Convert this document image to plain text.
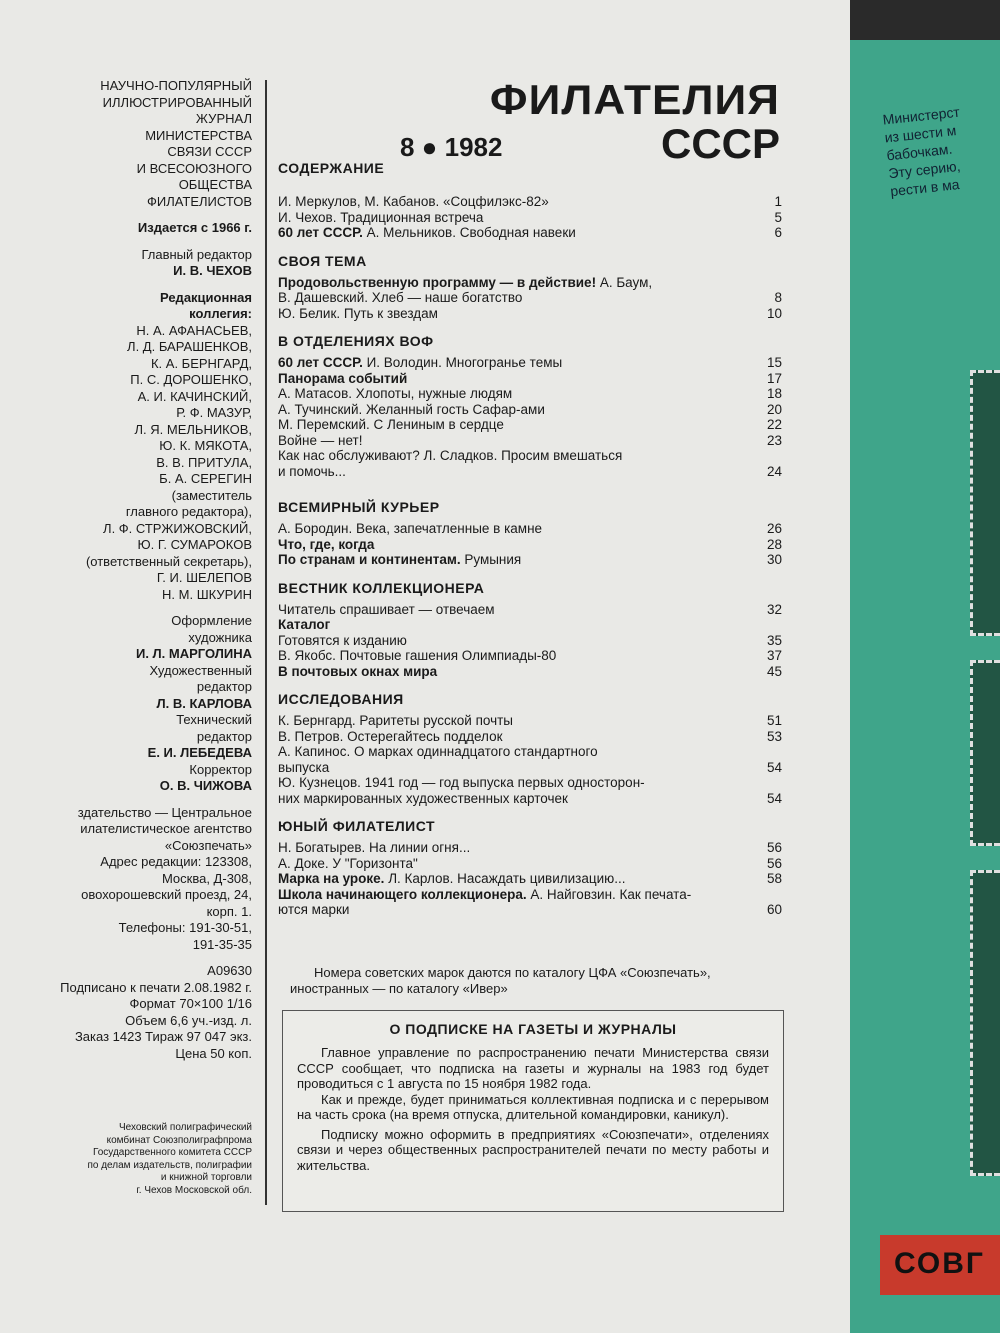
НАУЧНО-ПОПУЛЯРНЫЙ
ИЛЛЮСТРИРОВАННЫЙ
ЖУРНАЛ
МИНИСТЕРСТВА
СВЯЗИ СССР
И ВСЕСОЮЗНОГО
ОБЩЕСТВА
ФИЛАТЕЛИСТОВ
Издается с 1966 г.
Главный редактор
И. В. ЧЕХОВ
Редакционная
коллегия:
Н. А. АФАНАСЬЕВ,
Л. Д. БАРАШЕНКОВ,
К. А. БЕРНГАРД,
П. С. ДОРОШЕНКО,
А. И. КАЧИНСКИЙ,
Р. Ф. МАЗУР,
Л. Я. МЕЛЬНИКОВ,
Ю. К. МЯКОТА,
В. В. ПРИТУЛА,
Б. А. СЕРЕГИН
(заместитель
главного редактора),
Л. Ф. СТРЖИЖОВСКИЙ,
Ю. Г. СУМАРОКОВ
(ответственный секретарь),
Г. И. ШЕЛЕПОВ
Н. М. ШКУРИН
Оформление
художника
И. Л. МАРГОЛИНА
Художественный
редактор
Л. В. КАРЛОВА
Технический
редактор
Е. И. ЛЕБЕДЕВА
Корректор
О. В. ЧИЖОВА
здательство — Центральное
илателистическое агентство
«Союзпечать»
Адрес редакции: 123308,
Москва, Д-308,
овохорошевский проезд, 24,
корп. 1.
Телефоны: 191-30-51,
191-35-35
А09630
Подписано к печати 2.08.1982 г.
Формат 70×100 1/16
Объем 6,6 уч.-изд. л.
Заказ 1423 Тираж 97 047 экз.
Цена 50 коп.
Чеховский полиграфический
комбинат Союзполиграфпрома
Государственного комитета СССР
по делам издательств, полиграфии
и книжной торговли
г. Чехов Московской обл.
ФИЛАТЕЛИЯ
8 ● 1982	СССР
СОДЕРЖАНИЕ
И. Меркулов, М. Кабанов. «Соцфилэкс-82»	1
И. Чехов. Традиционная встреча	5
60 лет СССР. А. Мельников. Свободная навеки	6
СВОЯ ТЕМА
Продовольственную программу — в действие! А. Баум,
В. Дашевский. Хлеб — наше богатство	8
Ю. Белик. Путь к звездам	10
В ОТДЕЛЕНИЯХ ВОФ
60 лет СССР. И. Володин. Многогранье темы	15
Панорама событий	17
А. Матасов. Хлопоты, нужные людям	18
А. Тучинский. Желанный гость Сафар-ами	20
М. Перемский. С Лениным в сердце	22
Войне — нет!	23
Как нас обслуживают? Л. Сладков. Просим вмешаться
и помочь...	24
ВСЕМИРНЫЙ КУРЬЕР
А. Бородин. Века, запечатленные в камне	26
Что, где, когда	28
По странам и континентам. Румыния	30
ВЕСТНИК КОЛЛЕКЦИОНЕРА
Читатель спрашивает — отвечаем	32
Каталог
Готовятся к изданию	35
В. Якобс. Почтовые гашения Олимпиады-80	37
В почтовых окнах мира	45
ИССЛЕДОВАНИЯ
К. Бернгард. Раритеты русской почты	51
В. Петров. Остерегайтесь подделок	53
А. Капинос. О марках одиннадцатого стандартного
выпуска	54
Ю. Кузнецов. 1941 год — год выпуска первых односторон-
них маркированных художественных карточек	54
ЮНЫЙ ФИЛАТЕЛИСТ
Н. Богатырев. На линии огня...	56
А. Доке. У "Горизонта"	56
Марка на уроке. Л. Карлов. Насаждать цивилизацию...	58
Школа начинающего коллекционера. А. Найговзин. Как печата-
ются марки	60
Номера советских марок даются по каталогу ЦФА «Союзпечать», иностранных — по каталогу «Ивер»
О ПОДПИСКЕ НА ГАЗЕТЫ И ЖУРНАЛЫ

Главное управление по распространению печати Министерства связи СССР сообщает, что подписка на газеты и журналы на 1983 год будет проводиться с 1 августа по 15 ноября 1982 года.

Как и прежде, будет приниматься коллективная подписка и с перерывом на часть срока (на время отпуска, длительной командировки, каникул).

Подписку можно оформить в предприятиях «Союзпечати», отделениях связи и через общественных распространителей печати по месту работы и жительства.

Министерст
из шести м
бабочкам.
Эту серию,
рести в ма
СОВГ
